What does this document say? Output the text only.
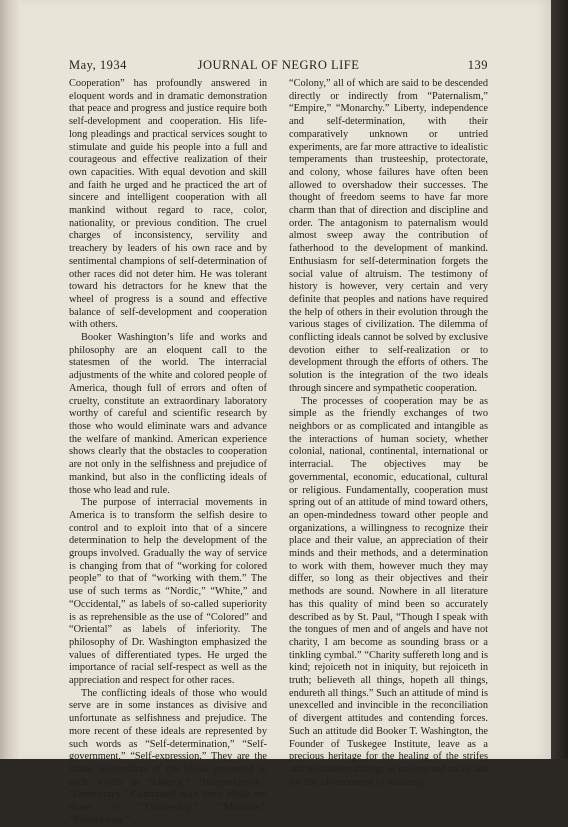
May, 1934	JOURNAL OF NEGRO LIFE	139

Cooperation” has profoundly answered in eloquent words and in dramatic demonstration that peace and progress and justice require both self-development and cooperation. His life-long pleadings and practical services sought to stimulate and guide his people into a full and courageous and effective realization of their own capacities. With equal devotion and skill and faith he urged and he practiced the art of sincere and intelligent cooperation with all mankind without regard to race, color, nationality, or previous condition. The cruel charges of inconsistency, servility and treachery by leaders of his own race and by sentimental champions of self-determination of other races did not deter him. He was tolerant toward his detractors for he knew that the wheel of progress is a sound and effective balance of self-development and cooperation with others.

Booker Washington’s life and works and philosophy are an eloquent call to the statesmen of the world. The interracial adjustments of the white and colored people of America, though full of errors and often of cruelty, constitute an extraordinary laboratory worthy of careful and scientific research by those who would eliminate wars and advance the welfare of mankind. American experience shows clearly that the obstacles to cooperation are not only in the selfishness and prejudice of mankind, but also in the conflicting ideals of those who lead and rule.

The purpose of interracial movements in America is to transform the selfish desire to control and to exploit into that of a sincere determination to help the development of the groups involved. Gradually the way of service is changing from that of “working for colored people” to that of “working with them.” The use of such terms as “Nordic,” “White,” and “Occidental,” as labels of so-called superiority is as reprehensible as the use of “Colored” and “Oriental” as labels of inferiority. The philosophy of Dr. Washington emphasized the values of differentiated types. He urged the importance of racial self-respect as well as the appreciation and respect for other races.

The conflicting ideals of those who would serve are in some instances as divisive and unfortunate as selfishness and prejudice. The more recent of these ideals are represented by such words as “Self-determination,” “Self-government,” “Self-expression.” They are the lineal descendants of the ideals presented in such words as “Liberty,” “Independence,” “Democracy.” Contrasted with these ideals are those of “Trusteeship,” “Mandate,” “Protectorate,”

“Colony,” all of which are said to be descended directly or indirectly from “Paternalism,” “Empire,” “Monarchy.” Liberty, independence and self-determination, with their comparatively unknown or untried experiments, are far more attractive to idealistic temperaments than trusteeship, protectorate, and colony, whose failures have often been allowed to overshadow their successes. The thought of freedom seems to have far more charm than that of direction and discipline and order. The antagonism to paternalism would almost sweep away the contribution of fatherhood to the development of mankind. Enthusiasm for self-determination forgets the social value of altruism. The testimony of history is however, very certain and very definite that peoples and nations have required the help of others in their evolution through the various stages of civilization. The dilemma of conflicting ideals cannot be solved by exclusive devotion either to self-realization or to development through the efforts of others. The solution is the integration of the two ideals through sincere and sympathetic cooperation.

The processes of cooperation may be as simple as the friendly exchanges of two neighbors or as complicated and intangible as the interactions of human society, whether colonial, national, continental, international or interracial. The objectives may be governmental, economic, educational, cultural or religious. Fundamentally, cooperation must spring out of an attitude of mind toward others, an open-mindedness toward other people and organizations, a willingness to recognize their place and their value, an appreciation of their minds and their methods, and a determination to work with them, however much they may differ, so long as their objectives and their methods are sound. Nowhere in all literature has this quality of mind been so accurately described as by St. Paul, “Though I speak with the tongues of men and of angels and have not charity, I am become as sounding brass or a tinkling cymbal.” “Charity suffereth long and is kind; rejoiceth not in iniquity, but rejoiceth in truth; believeth all things, hopeth all things, endureth all things.” Such an attitude of mind is unexcelled and invincible in the reconciliation of divergent attitudes and contending forces. Such an attitude did Booker T. Washington, the Founder of Tuskegee Institute, leave as a precious heritage for the healing of the strifes and misunderstandings of nations and races and for the advancement of humanity.
